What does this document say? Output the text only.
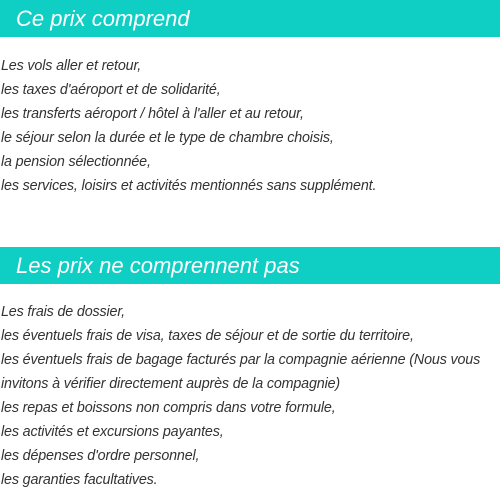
Ce prix comprend
Les vols aller et retour,
les taxes d'aéroport et de solidarité,
les transferts aéroport / hôtel à l'aller et au retour,
le séjour selon la durée et le type de chambre choisis,
la pension sélectionnée,
les services, loisirs et activités mentionnés sans supplément.
Les prix ne comprennent pas
Les frais de dossier,
les éventuels frais de visa, taxes de séjour et de sortie du territoire,
les éventuels frais de bagage facturés par la compagnie aérienne (Nous vous
invitons à vérifier directement auprès de la compagnie)
les repas et boissons non compris dans votre formule,
les activités et excursions payantes,
les dépenses d'ordre personnel,
les garanties facultatives.
